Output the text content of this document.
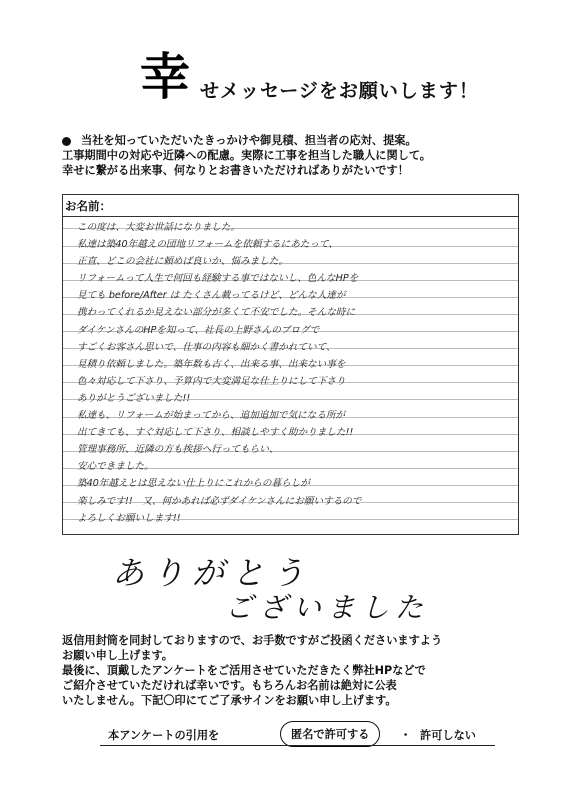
幸 せメッセージをお願いします！
当社を知っていただいたきっかけや御見積、担当者の応対、提案。
工事期間中の対応や近隣への配慮。実際に工事を担当した職人に関して。
幸せに繋がる出来事、何なりとお書きいただければありがたいです！
お名前：
この度は、大変お世話になりました。
私達は築40年越えの団地リフォームを依頼するにあたって、
正直、どこの会社に頼めば良いか、悩みました。
リフォームって人生で何回も経験する事ではないし、色んなHPを
見ても before/After は たくさん載ってるけど、どんな人達が
携わってくれるか見えない部分が多くて不安でした。そんな時に
ダイケンさんのHPを知って、社長の上野さんのブログで
すごくお客さん思いで、仕事の内容も細かく書かれていて、
見積り依頼しました。築年数も古く、出来る事、出来ない事を
色々対応して下さり、予算内で大変満足な仕上りにして下さり
ありがとうございました!!
私達も、リフォームが始まってから、追加追加で気になる所が
出てきても、すぐ対応して下さり、相談しやすく助かりました!!
管理事務所、近隣の方も挨拶へ行ってもらい、
安心できました。
築40年越えとは思えない仕上りにこれからの暮らしが
楽しみです!!　又、何かあれば必ずダイケンさんにお願いするので
よろしくお願いします!!
ありがとう
ございました
返信用封筒を同封しておりますので、お手数ですがご投函くださいますよう
お願い申し上げます。
最後に、頂戴したアンケートをご活用させていただきたく弊社HPなどで
ご紹介させていただければ幸いです。もちろんお名前は絶対に公表
いたしません。下記〇印にてご了承サインをお願い申し上げます。
本アンケートの引用を	匿名で許可する	・ 許可しない
